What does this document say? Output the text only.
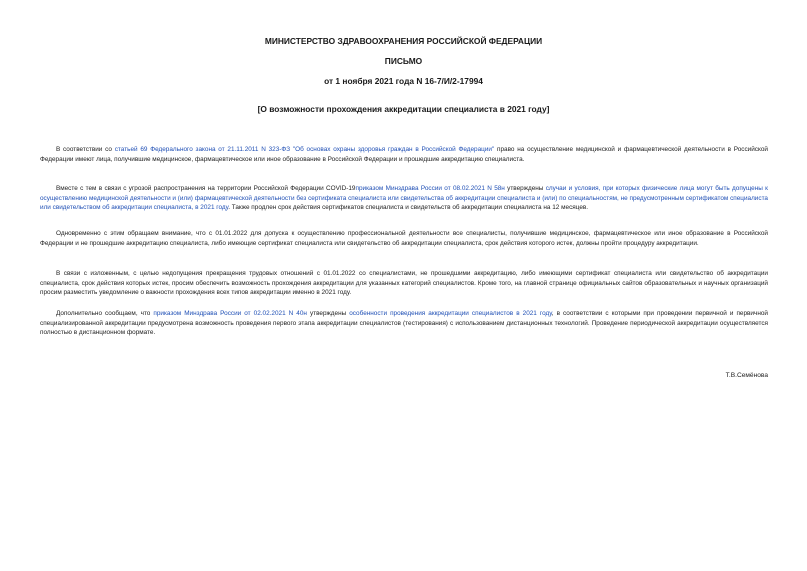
МИНИСТЕРСТВО ЗДРАВООХРАНЕНИЯ РОССИЙСКОЙ ФЕДЕРАЦИИ

ПИСЬМО

от 1 ноября 2021 года N 16-7/И/2-17994

[О возможности прохождения аккредитации специалиста в 2021 году]

В соответствии со статьей 69 Федерального закона от 21.11.2011 N 323-ФЗ "Об основах охраны здоровья граждан в Российской Федерации" право на осуществление медицинской и фармацевтической деятельности в Российской Федерации имеют лица, получившие медицинское, фармацевтическое или иное образование в Российской Федерации и прошедшие аккредитацию специалиста.

Вместе с тем в связи с угрозой распространения на территории Российской Федерации COVID-19приказом Минздрава России от 08.02.2021 N 58н утверждены случаи и условия, при которых физические лица могут быть допущены к осуществлению медицинской деятельности и (или) фармацевтической деятельности без сертификата специалиста или свидетельства об аккредитации специалиста и (или) по специальностям, не предусмотренным сертификатом специалиста или свидетельством об аккредитации специалиста, в 2021 году. Также продлен срок действия сертификатов специалиста и свидетельств об аккредитации специалиста на 12 месяцев.

Одновременно с этим обращаем внимание, что с 01.01.2022 для допуска к осуществлению профессиональной деятельности все специалисты, получившие медицинское, фармацевтическое или иное образование в Российской Федерации и не прошедшие аккредитацию специалиста, либо имеющие сертификат специалиста или свидетельство об аккредитации специалиста, срок действия которого истек, должны пройти процедуру аккредитации.

В связи с изложенным, с целью недопущения прекращения трудовых отношений с 01.01.2022 со специалистами, не прошедшими аккредитацию, либо имеющими сертификат специалиста или свидетельство об аккредитации специалиста, срок действия которых истек, просим обеспечить возможность прохождения аккредитации для указанных категорий специалистов. Кроме того, на главной странице официальных сайтов образовательных и научных организаций просим разместить уведомление о важности прохождения всех типов аккредитации именно в 2021 году.

Дополнительно сообщаем, что приказом Минздрава России от 02.02.2021 N 40н утверждены особенности проведения аккредитации специалистов в 2021 году, в соответствии с которыми при проведении первичной и первичной специализированной аккредитации предусмотрена возможность проведения первого этапа аккредитации специалистов (тестирования) с использованием дистанционных технологий. Проведение периодической аккредитации осуществляется полностью в дистанционном формате.

Т.В.Семёнова
